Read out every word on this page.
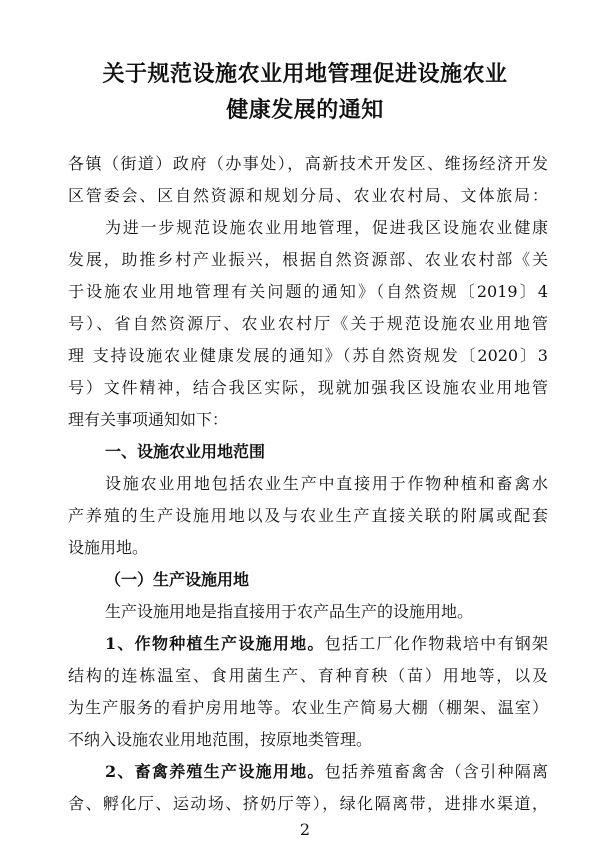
关于规范设施农业用地管理促进设施农业
健康发展的通知
各镇（街道）政府（办事处），高新技术开发区、维扬经济开发
区管委会、区自然资源和规划分局、农业农村局、文体旅局：
为进一步规范设施农业用地管理，促进我区设施农业健康
发展，助推乡村产业振兴，根据自然资源部、农业农村部《关
于设施农业用地管理有关问题的通知》（自然资规〔2019〕4
号）、省自然资源厅、农业农村厅《关于规范设施农业用地管
理 支持设施农业健康发展的通知》（苏自然资规发〔2020〕3
号）文件精神，结合我区实际，现就加强我区设施农业用地管
理有关事项通知如下：
一、设施农业用地范围
设施农业用地包括农业生产中直接用于作物种植和畜禽水
产养殖的生产设施用地以及与农业生产直接关联的附属或配套
设施用地。
（一）生产设施用地
生产设施用地是指直接用于农产品生产的设施用地。
1、作物种植生产设施用地。包括工厂化作物栽培中有钢架
结构的连栋温室、食用菌生产、育种育秧（苗）用地等，以及
为生产服务的看护房用地等。农业生产简易大棚（棚架、温室）
不纳入设施农业用地范围，按原地类管理。
2、畜禽养殖生产设施用地。包括养殖畜禽舍（含引种隔离
舍、孵化厅、运动场、挤奶厅等），绿化隔离带，进排水渠道，
2
